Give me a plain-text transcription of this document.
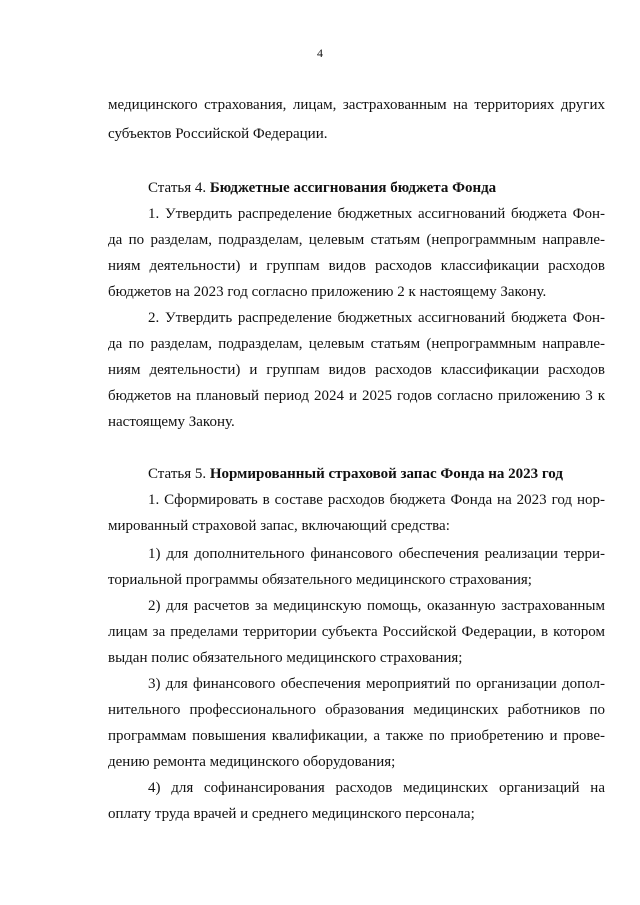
4
медицинского страхования, лицам, застрахованным на территориях других
субъектов Российской Федерации.
Статья 4. Бюджетные ассигнования бюджета Фонда
1. Утвердить распределение бюджетных ассигнований бюджета Фон-
да по разделам, подразделам, целевым статьям (непрограммным направле-
ниям деятельности) и группам видов расходов классификации расходов
бюджетов на 2023 год согласно приложению 2 к настоящему Закону.
2. Утвердить распределение бюджетных ассигнований бюджета Фон-
да по разделам, подразделам, целевым статьям (непрограммным направле-
ниям деятельности) и группам видов расходов классификации расходов
бюджетов на плановый период 2024 и 2025 годов согласно приложению 3 к
настоящему Закону.
Статья 5. Нормированный страховой запас Фонда на 2023 год
1. Сформировать в составе расходов бюджета Фонда на 2023 год нор-
мированный страховой запас, включающий средства:
1) для дополнительного финансового обеспечения реализации терри-
ториальной программы обязательного медицинского страхования;
2) для расчетов за медицинскую помощь, оказанную застрахованным
лицам за пределами территории субъекта Российской Федерации, в котором
выдан полис обязательного медицинского страхования;
3) для финансового обеспечения мероприятий по организации допол-
нительного профессионального образования медицинских работников по
программам повышения квалификации, а также по приобретению и прове-
дению ремонта медицинского оборудования;
4) для софинансирования расходов медицинских организаций на
оплату труда врачей и среднего медицинского персонала;
